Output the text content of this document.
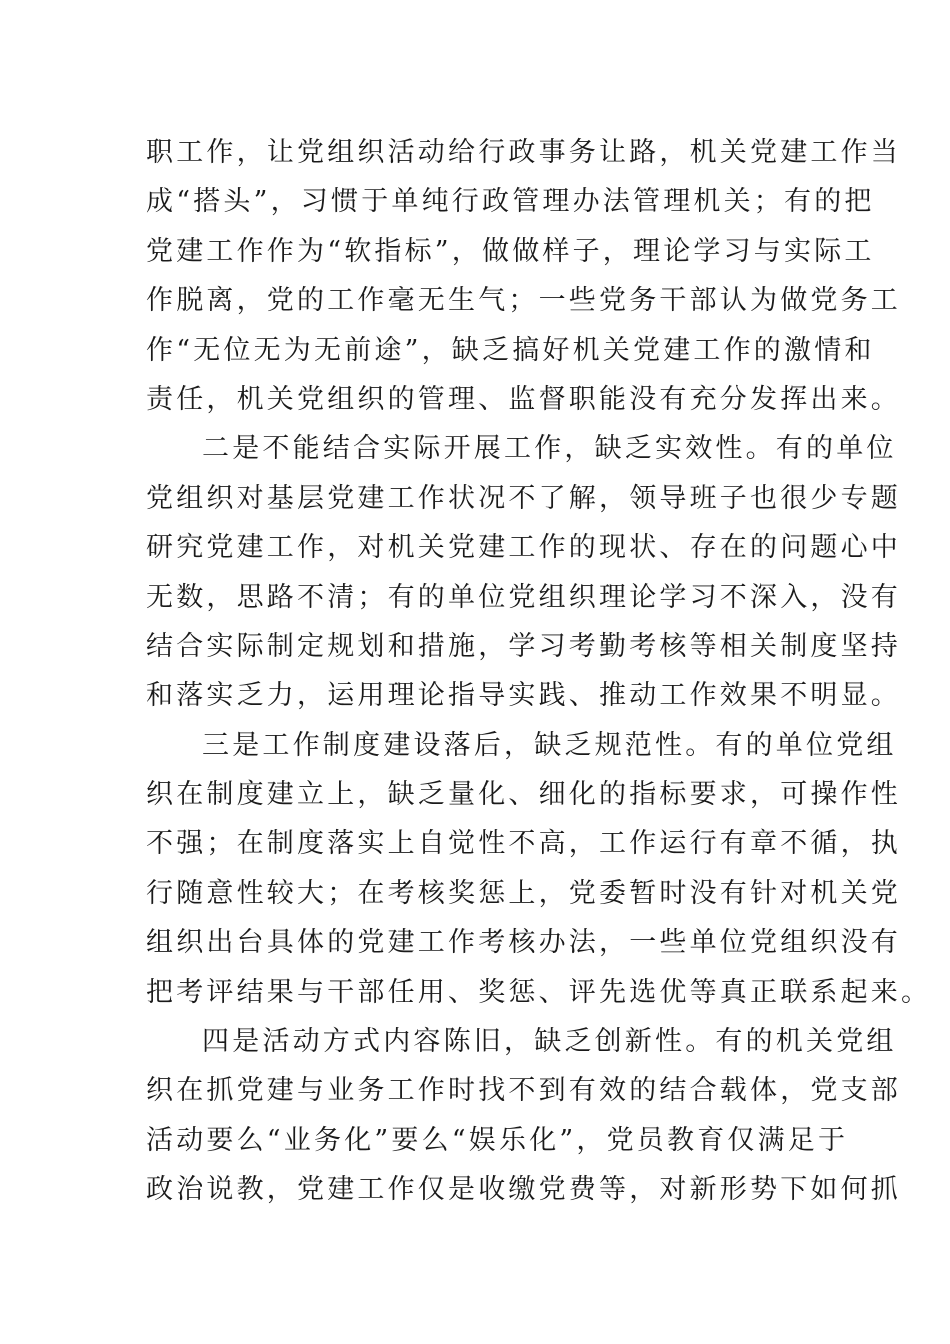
职工作，让党组织活动给行政事务让路，机关党建工作当
成“搭头”，习惯于单纯行政管理办法管理机关；有的把
党建工作作为“软指标”，做做样子，理论学习与实际工
作脱离，党的工作毫无生气；一些党务干部认为做党务工
作“无位无为无前途”，缺乏搞好机关党建工作的激情和
责任，机关党组织的管理、监督职能没有充分发挥出来。
二是不能结合实际开展工作，缺乏实效性。有的单位
党组织对基层党建工作状况不了解，领导班子也很少专题
研究党建工作，对机关党建工作的现状、存在的问题心中
无数，思路不清；有的单位党组织理论学习不深入，没有
结合实际制定规划和措施，学习考勤考核等相关制度坚持
和落实乏力，运用理论指导实践、推动工作效果不明显。
三是工作制度建设落后，缺乏规范性。有的单位党组
织在制度建立上，缺乏量化、细化的指标要求，可操作性
不强；在制度落实上自觉性不高，工作运行有章不循，执
行随意性较大；在考核奖惩上，党委暂时没有针对机关党
组织出台具体的党建工作考核办法，一些单位党组织没有
把考评结果与干部任用、奖惩、评先选优等真正联系起来。
四是活动方式内容陈旧，缺乏创新性。有的机关党组
织在抓党建与业务工作时找不到有效的结合载体，党支部
活动要么“业务化”要么“娱乐化”，党员教育仅满足于
政治说教，党建工作仅是收缴党费等，对新形势下如何抓
